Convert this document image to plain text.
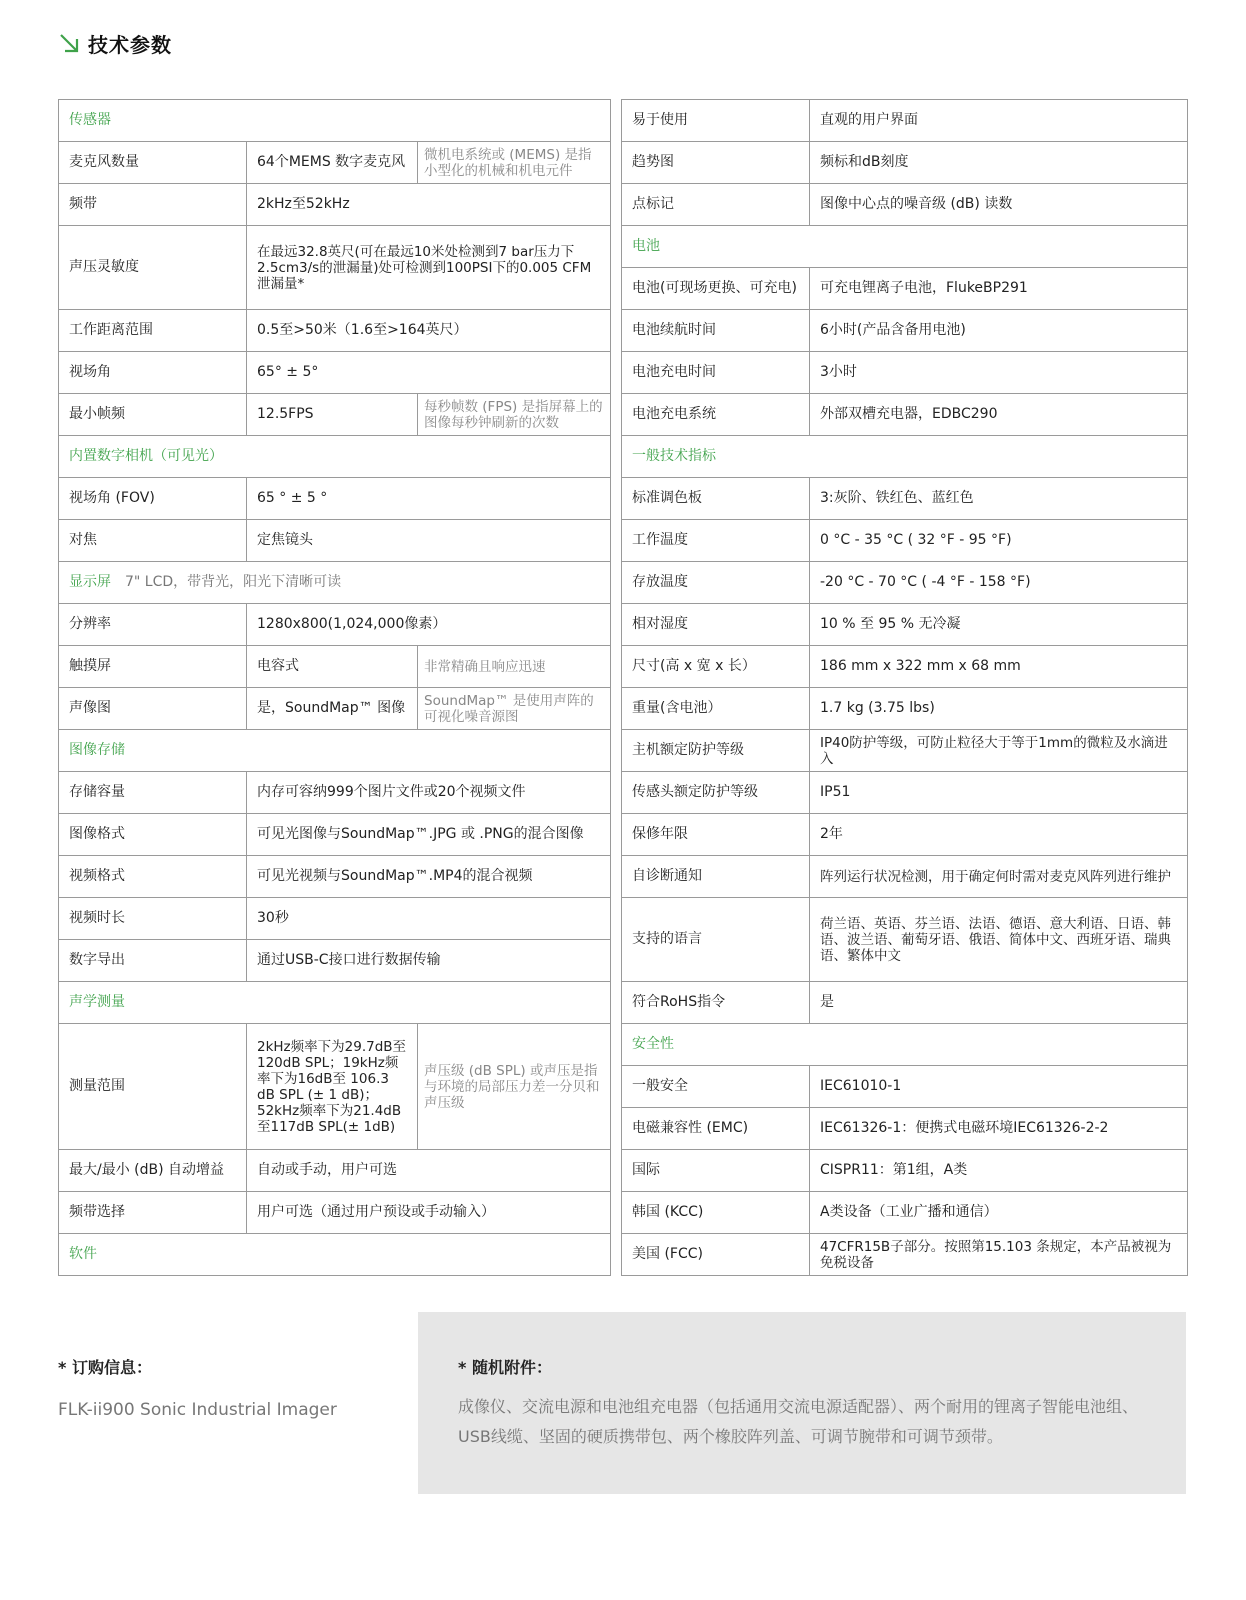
技术参数
传感器		
麦克风数量	64个MEMS 数字麦克风	微机电系统或 (MEMS) 是指小型化的机械和机电元件
频带	2kHz至52kHz	
声压灵敏度	在最远32.8英尺(可在最远10米处检测到7 bar压力下2.5cm3/s的泄漏量)处可检测到100PSI下的0.005 CFM泄漏量*	
工作距离范围	0.5至>50米（1.6至>164英尺）	
视场角	65° ± 5°	
最小帧频	12.5FPS	每秒帧数 (FPS) 是指屏幕上的图像每秒钟刷新的次数
内置数字相机（可见光）		
视场角 (FOV)	65 ° ± 5 °	
对焦	定焦镜头	
显示屏 7" LCD，带背光，阳光下清晰可读		
分辨率	1280x800(1,024,000像素）	
触摸屏	电容式	非常精确且响应迅速
声像图	是，SoundMap™ 图像	SoundMap™ 是使用声阵的可视化噪音源图
图像存储		
存储容量	内存可容纳999个图片文件或20个视频文件	
图像格式	可见光图像与SoundMap™.JPG 或 .PNG的混合图像	
视频格式	可见光视频与SoundMap™.MP4的混合视频	
视频时长	30秒	
数字导出	通过USB-C接口进行数据传输	
声学测量		
测量范围	2kHz频率下为29.7dB至120dB SPL；19kHz频率下为16dB至 106.3 dB SPL (± 1 dB)；52kHz频率下为21.4dB至117dB SPL(± 1dB)	声压级 (dB SPL) 或声压是指与环境的局部压力差一分贝和声压级
最大/最小 (dB) 自动增益	自动或手动，用户可选	
频带选择	用户可选（通过用户预设或手动输入）	
软件		
易于使用	直观的用户界面
趋势图	频标和dB刻度
点标记	图像中心点的噪音级 (dB) 读数
电池	
电池(可现场更换、可充电)	可充电锂离子电池，FlukeBP291
电池续航时间	6小时(产品含备用电池)
电池充电时间	3小时
电池充电系统	外部双槽充电器，EDBC290
一般技术指标	
标准调色板	3:灰阶、铁红色、蓝红色
工作温度	0 °C - 35 °C ( 32 °F - 95 °F)
存放温度	-20 °C - 70 °C ( -4 °F - 158 °F)
相对湿度	10 % 至 95 % 无冷凝
尺寸(高 x 宽 x 长）	186 mm x 322 mm x 68 mm
重量(含电池）	1.7 kg (3.75 lbs)
主机额定防护等级	IP40防护等级，可防止粒径大于等于1mm的微粒及水滴进入
传感头额定防护等级	IP51
保修年限	2年
自诊断通知	阵列运行状况检测，用于确定何时需对麦克风阵列进行维护
支持的语言	荷兰语、英语、芬兰语、法语、德语、意大利语、日语、韩语、波兰语、葡萄牙语、俄语、简体中文、西班牙语、瑞典语、繁体中文
符合RoHS指令	是
安全性	
一般安全	IEC61010-1
电磁兼容性 (EMC)	IEC61326-1：便携式电磁环境IEC61326-2-2
国际	CISPR11：第1组，A类
韩国 (KCC)	A类设备（工业广播和通信）
美国 (FCC)	47CFR15B子部分。按照第15.103 条规定，本产品被视为免税设备
* 订购信息：
FLK-ii900 Sonic Industrial Imager
* 随机附件：
成像仪、交流电源和电池组充电器（包括通用交流电源适配器）、两个耐用的锂离子智能电池组、USB线缆、坚固的硬质携带包、两个橡胶阵列盖、可调节腕带和可调节颈带。
